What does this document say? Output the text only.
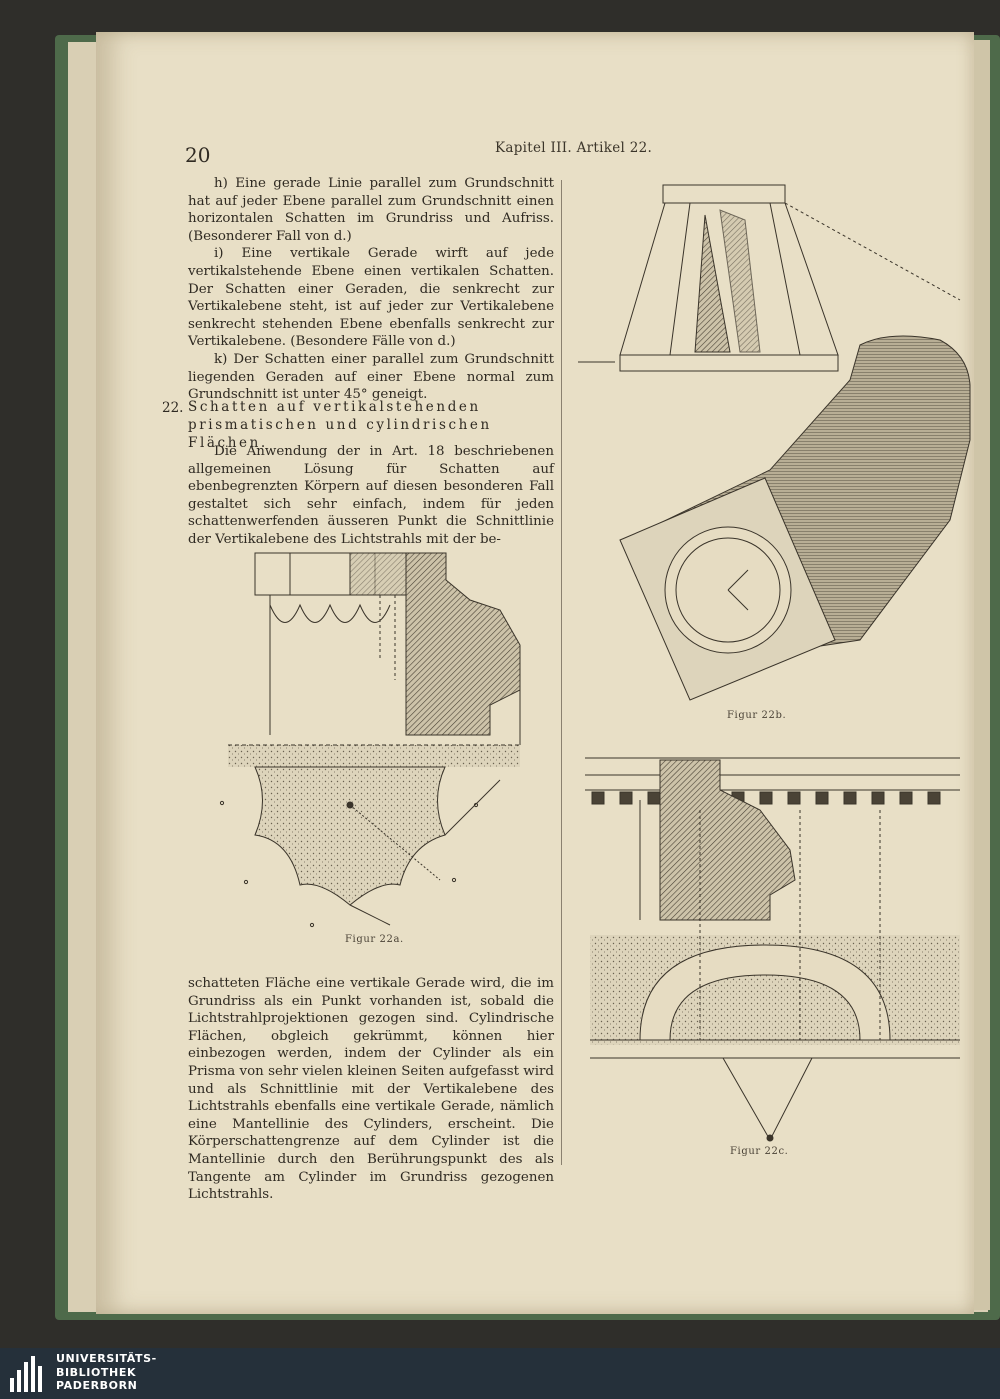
20	Kapitel III. Artikel 22.

h) Eine gerade Linie parallel zum Grundschnitt hat auf jeder Ebene parallel zum Grundschnitt einen horizontalen Schatten im Grundriss und Aufriss. (Besonderer Fall von d.)

i) Eine vertikale Gerade wirft auf jede vertikalstehende Ebene einen vertikalen Schatten. Der Schatten einer Geraden, die senkrecht zur Vertikalebene steht, ist auf jeder zur Vertikalebene senkrecht stehenden Ebene ebenfalls senkrecht zur Vertikalebene. (Besondere Fälle von d.)

k) Der Schatten einer parallel zum Grundschnitt liegenden Geraden auf einer Ebene normal zum Grundschnitt ist unter 45° geneigt.

22. Schatten auf vertikalstehenden prismatischen und cylindrischen Flächen.

Die Anwendung der in Art. 18 beschriebenen allgemeinen Lösung für Schatten auf ebenbegrenzten Körpern auf diesen besonderen Fall gestaltet sich sehr einfach, indem für jeden schattenwerfenden äusseren Punkt die Schnittlinie der Vertikalebene des Lichtstrahls mit der be-

schatteten Fläche eine vertikale Gerade wird, die im Grundriss als ein Punkt vorhanden ist, sobald die Lichtstrahlprojektionen gezogen sind. Cylindrische Flächen, obgleich gekrümmt, können hier einbezogen werden, indem der Cylinder als ein Prisma von sehr vielen kleinen Seiten aufgefasst wird und als Schnittlinie mit der Vertikalebene des Lichtstrahls ebenfalls eine vertikale Gerade, nämlich eine Mantellinie des Cylinders, erscheint. Die Körperschattengrenze auf dem Cylinder ist die Mantellinie durch den Berührungspunkt des als Tangente am Cylinder im Grundriss gezogenen Lichtstrahls.

Figur 22a.
Figur 22b.
Figur 22c.
UNIVERSITÄTS-
BIBLIOTHEK
PADERBORN
